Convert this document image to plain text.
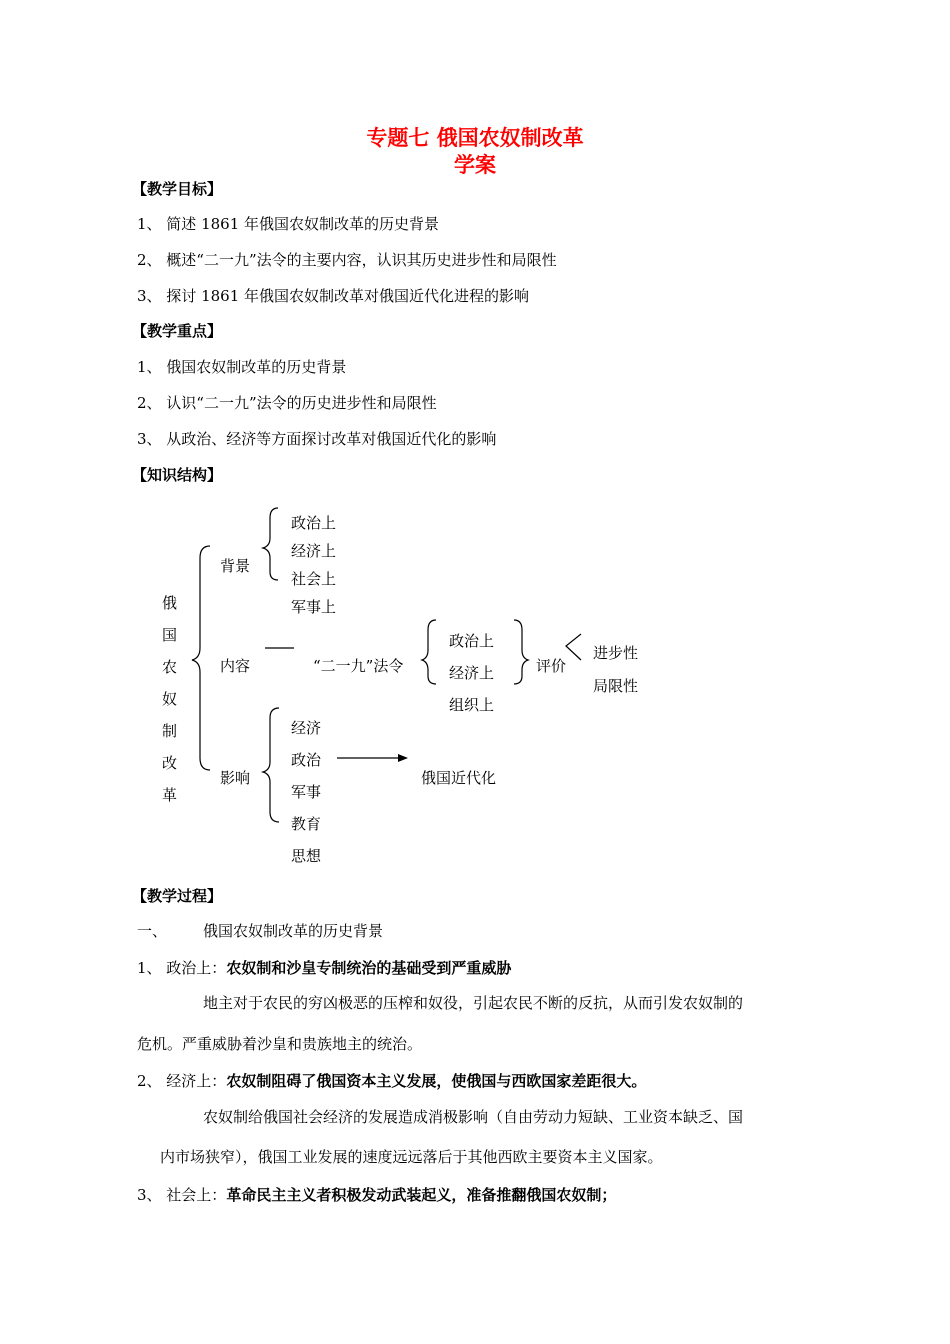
专题七 俄国农奴制改革
学案
【教学目标】
1、 简述 1861 年俄国农奴制改革的历史背景
2、 概述“二一九”法令的主要内容，认识其历史进步性和局限性
3、 探讨 1861 年俄国农奴制改革对俄国近代化进程的影响
【教学重点】
1、 俄国农奴制改革的历史背景
2、 认识“二一九”法令的历史进步性和局限性
3、 从政治、经济等方面探讨改革对俄国近代化的影响
【知识结构】
俄
国
农
奴
制
改
革
背景
政治上
经济上
社会上
军事上
内容	“二一九”法令
政治上
经济上
组织上
评价
进步性
局限性
影响
经济
政治
军事
教育
思想
俄国近代化
【教学过程】
一、 俄国农奴制改革的历史背景
1、 政治上：农奴制和沙皇专制统治的基础受到严重威胁
地主对于农民的穷凶极恶的压榨和奴役，引起农民不断的反抗，从而引发农奴制的
危机。严重威胁着沙皇和贵族地主的统治。
2、 经济上：农奴制阻碍了俄国资本主义发展，使俄国与西欧国家差距很大。
农奴制给俄国社会经济的发展造成消极影响（自由劳动力短缺、工业资本缺乏、国
内市场狭窄），俄国工业发展的速度远远落后于其他西欧主要资本主义国家。
3、 社会上：革命民主主义者积极发动武装起义，准备推翻俄国农奴制；
